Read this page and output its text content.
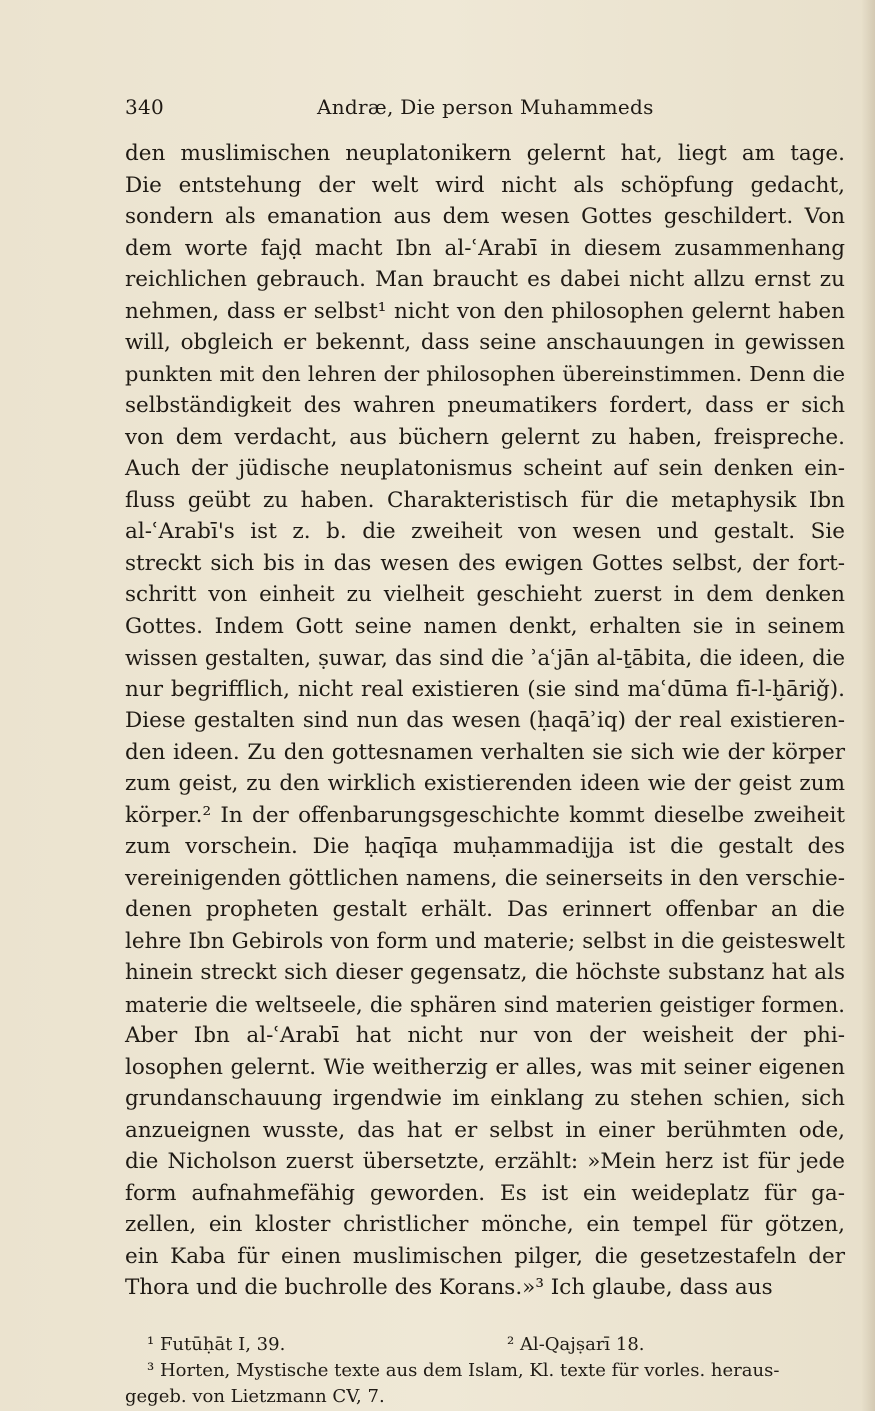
340	Andræ, Die person Muhammeds
den muslimischen neuplatonikern gelernt hat, liegt am tage.
Die entstehung der welt wird nicht als schöpfung gedacht,
sondern als emanation aus dem wesen Gottes geschildert. Von
dem worte fajḍ macht Ibn al-ʿArabī in diesem zusammenhang
reichlichen gebrauch. Man braucht es dabei nicht allzu ernst zu
nehmen, dass er selbst¹ nicht von den philosophen gelernt haben
will, obgleich er bekennt, dass seine anschauungen in gewissen
punkten mit den lehren der philosophen übereinstimmen. Denn die
selbständigkeit des wahren pneumatikers fordert, dass er sich
von dem verdacht, aus büchern gelernt zu haben, freispreche.
Auch der jüdische neuplatonismus scheint auf sein denken ein-
fluss geübt zu haben. Charakteristisch für die metaphysik Ibn
al-ʿArabī's ist z. b. die zweiheit von wesen und gestalt. Sie
streckt sich bis in das wesen des ewigen Gottes selbst, der fort-
schritt von einheit zu vielheit geschieht zuerst in dem denken
Gottes. Indem Gott seine namen denkt, erhalten sie in seinem
wissen gestalten, ṣuwar, das sind die ʾaʿjān al-ṯābita, die ideen, die
nur begrifflich, nicht real existieren (sie sind maʿdūma fī-l-ḫāriǧ).
Diese gestalten sind nun das wesen (ḥaqāʾiq) der real existieren-
den ideen. Zu den gottesnamen verhalten sie sich wie der körper
zum geist, zu den wirklich existierenden ideen wie der geist zum
körper.² In der offenbarungsgeschichte kommt dieselbe zweiheit
zum vorschein. Die ḥaqīqa muḥammadijja ist die gestalt des
vereinigenden göttlichen namens, die seinerseits in den verschie-
denen propheten gestalt erhält. Das erinnert offenbar an die
lehre Ibn Gebirols von form und materie; selbst in die geisteswelt
hinein streckt sich dieser gegensatz, die höchste substanz hat als
materie die weltseele, die sphären sind materien geistiger formen.
Aber Ibn al-ʿArabī hat nicht nur von der weisheit der phi-
losophen gelernt. Wie weitherzig er alles, was mit seiner eigenen
grundanschauung irgendwie im einklang zu stehen schien, sich
anzueignen wusste, das hat er selbst in einer berühmten ode,
die Nicholson zuerst übersetzte, erzählt: »Mein herz ist für jede
form aufnahmefähig geworden. Es ist ein weideplatz für ga-
zellen, ein kloster christlicher mönche, ein tempel für götzen,
ein Kaba für einen muslimischen pilger, die gesetzestafeln der
Thora und die buchrolle des Korans.»³ Ich glaube, dass aus
¹ Futūḥāt I, 39.	² Al-Qajṣarī 18.
³ Horten, Mystische texte aus dem Islam, Kl. texte für vorles. heraus-
gegeb. von Lietzmann CV, 7.
